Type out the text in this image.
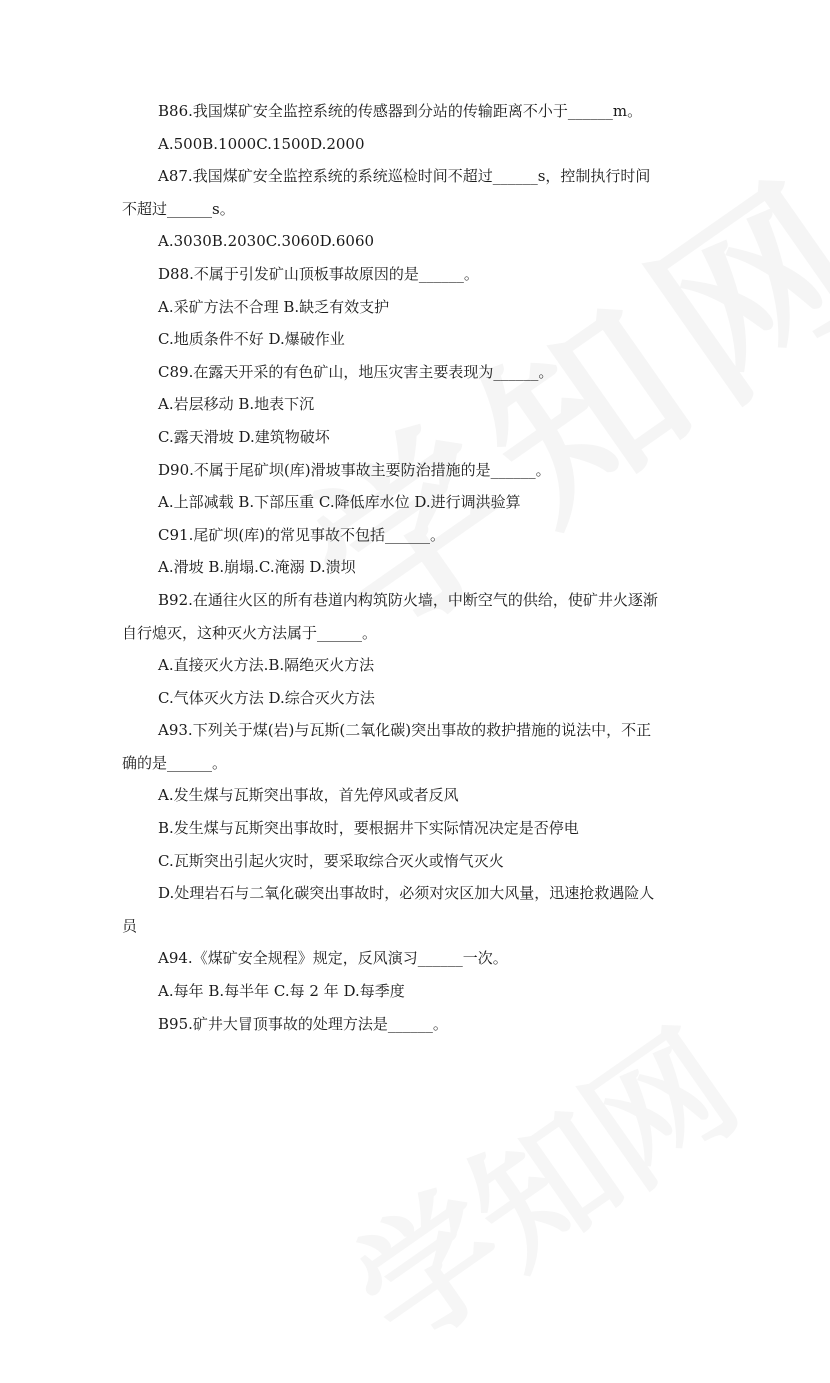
B86.我国煤矿安全监控系统的传感器到分站的传输距离不小于______m。
A.500B.1000C.1500D.2000
A87.我国煤矿安全监控系统的系统巡检时间不超过______s，控制执行时间
不超过______s。
A.3030B.2030C.3060D.6060
D88.不属于引发矿山顶板事故原因的是______。
A.采矿方法不合理 B.缺乏有效支护
C.地质条件不好 D.爆破作业
C89.在露天开采的有色矿山，地压灾害主要表现为______。
A.岩层移动 B.地表下沉
C.露天滑坡 D.建筑物破坏
D90.不属于尾矿坝(库)滑坡事故主要防治措施的是______。
A.上部减载 B.下部压重 C.降低库水位 D.进行调洪验算
C91.尾矿坝(库)的常见事故不包括______。
A.滑坡 B.崩塌.C.淹溺 D.溃坝
B92.在通往火区的所有巷道内构筑防火墙，中断空气的供给，使矿井火逐渐
自行熄灭，这种灭火方法属于______。
A.直接灭火方法.B.隔绝灭火方法
C.气体灭火方法 D.综合灭火方法
A93.下列关于煤(岩)与瓦斯(二氧化碳)突出事故的救护措施的说法中，不正
确的是______。
A.发生煤与瓦斯突出事故，首先停风或者反风
B.发生煤与瓦斯突出事故时，要根据井下实际情况决定是否停电
C.瓦斯突出引起火灾时，要采取综合灭火或惰气灭火
D.处理岩石与二氧化碳突出事故时，必须对灾区加大风量，迅速抢救遇险人
员
A94.《煤矿安全规程》规定，反风演习______一次。
A.每年 B.每半年 C.每 2 年 D.每季度
B95.矿井大冒顶事故的处理方法是______。
